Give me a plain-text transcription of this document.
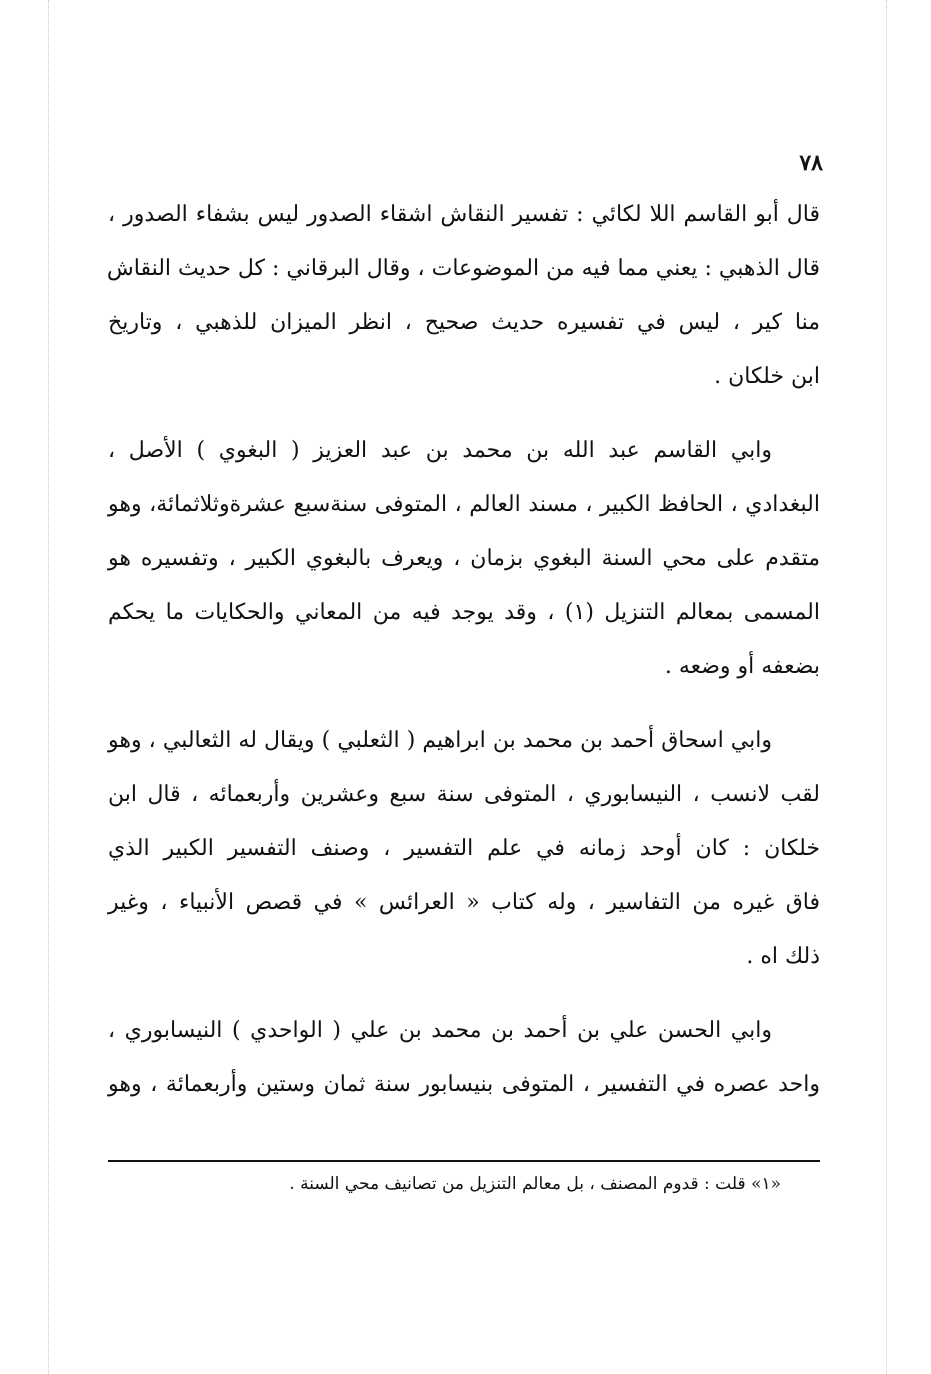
٧٨
قال أبو القاسم اللا لكائي : تفسير النقاش اشقاء الصدور ليس بشفاء الصدور ،
قال الذهبي : يعني مما فيه من الموضوعات ، وقال البرقاني : كل حديث النقاش
منا كير ، ليس في تفسيره حديث صحيح ، انظر الميزان للذهبي ، وتاريخ
ابن خلكان .
وابي القاسم عبد الله بن محمد بن عبد العزيز ( البغوي ) الأصل ،
البغدادي ، الحافظ الكبير ، مسند العالم ، المتوفى سنةسبع عشرةوثلاثمائة، وهو
متقدم على محي السنة البغوي بزمان ، ويعرف بالبغوي الكبير ، وتفسيره هو
المسمى بمعالم التنزيل (١) ، وقد يوجد فيه من المعاني والحكايات ما يحكم
بضعفه أو وضعه .
وابي اسحاق أحمد بن محمد بن ابراهيم ( الثعلبي ) ويقال له الثعالبي ، وهو
لقب لانسب ، النيسابوري ، المتوفى سنة سبع وعشرين وأربعمائه ، قال ابن
خلكان : كان أوحد زمانه في علم التفسير ، وصنف التفسير الكبير الذي
فاق غيره من التفاسير ، وله كتاب « العرائس » في قصص الأنبياء ، وغير
ذلك اه .
وابي الحسن علي بن أحمد بن محمد بن علي ( الواحدي ) النيسابوري ،
واحد عصره في التفسير ، المتوفى بنيسابور سنة ثمان وستين وأربعمائة ، وهو
«١» قلت : قدوم المصنف ، بل معالم التنزيل من تصانيف محي السنة .
